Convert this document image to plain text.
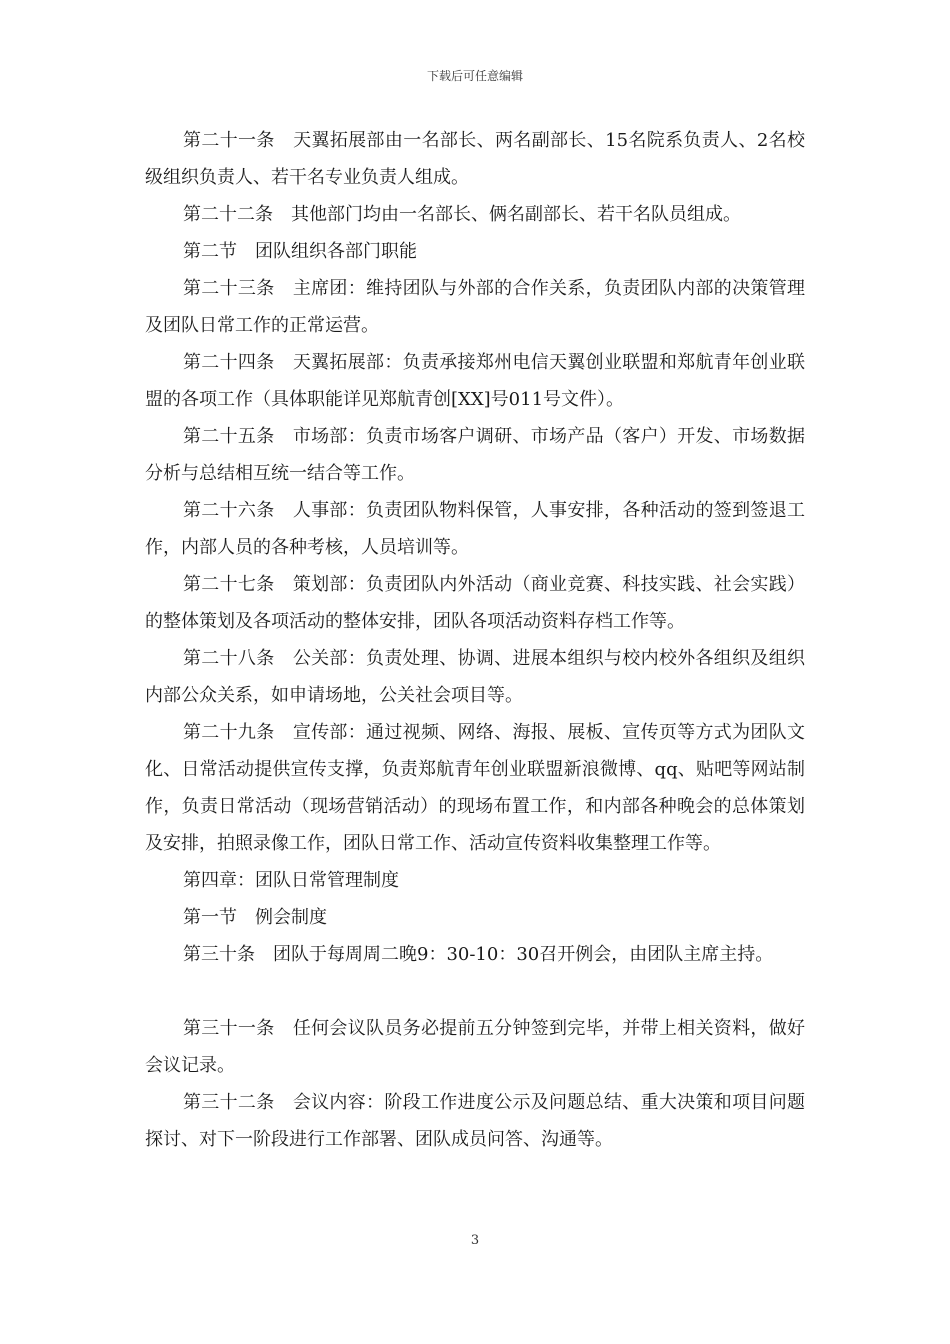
下载后可任意编辑

第二十一条　天翼拓展部由一名部长、两名副部长、15名院系负责人、2名校级组织负责人、若干名专业负责人组成。

第二十二条　其他部门均由一名部长、俩名副部长、若干名队员组成。

第二节　团队组织各部门职能

第二十三条　主席团：维持团队与外部的合作关系，负责团队内部的决策管理及团队日常工作的正常运营。

第二十四条　天翼拓展部：负责承接郑州电信天翼创业联盟和郑航青年创业联盟的各项工作（具体职能详见郑航青创[XX]号011号文件）。

第二十五条　市场部：负责市场客户调研、市场产品（客户）开发、市场数据分析与总结相互统一结合等工作。

第二十六条　人事部：负责团队物料保管，人事安排，各种活动的签到签退工作，内部人员的各种考核，人员培训等。

第二十七条　策划部：负责团队内外活动（商业竞赛、科技实践、社会实践）的整体策划及各项活动的整体安排，团队各项活动资料存档工作等。

第二十八条　公关部：负责处理、协调、进展本组织与校内校外各组织及组织内部公众关系，如申请场地，公关社会项目等。

第二十九条　宣传部：通过视频、网络、海报、展板、宣传页等方式为团队文化、日常活动提供宣传支撑，负责郑航青年创业联盟新浪微博、qq、贴吧等网站制作，负责日常活动（现场营销活动）的现场布置工作，和内部各种晚会的总体策划及安排，拍照录像工作，团队日常工作、活动宣传资料收集整理工作等。

第四章：团队日常管理制度

第一节　例会制度

第三十条　团队于每周周二晚9：30-10：30召开例会，由团队主席主持。

第三十一条　任何会议队员务必提前五分钟签到完毕，并带上相关资料，做好会议记录。

第三十二条　会议内容：阶段工作进度公示及问题总结、重大决策和项目问题探讨、对下一阶段进行工作部署、团队成员问答、沟通等。

3
